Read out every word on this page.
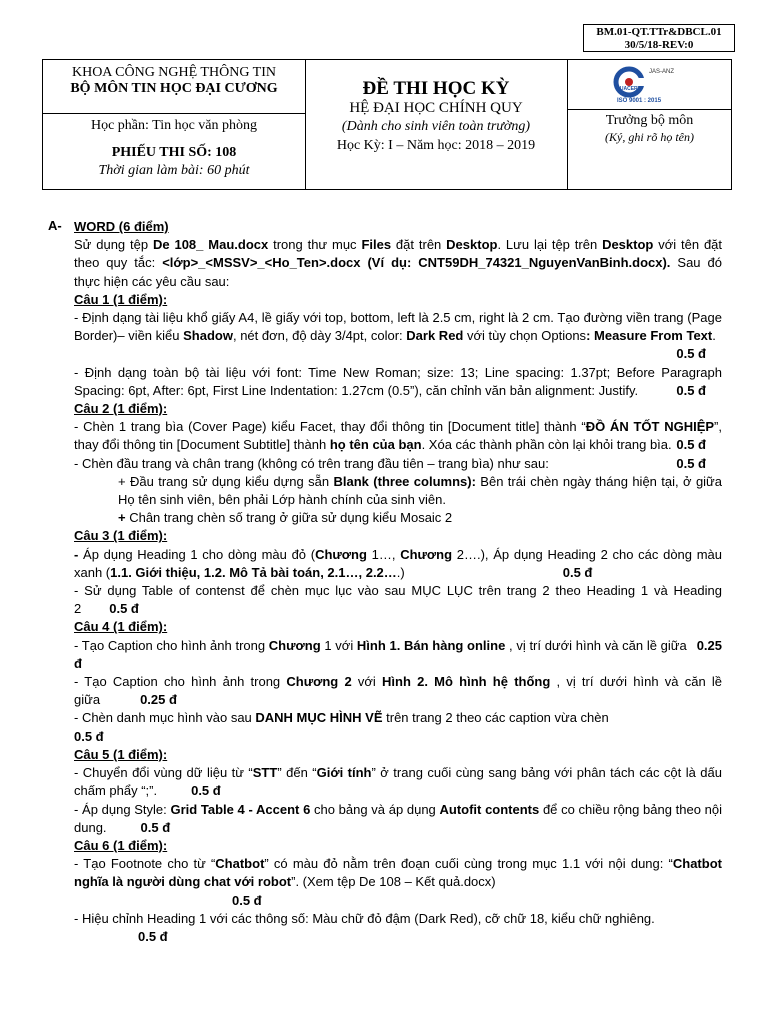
BM.01-QT.TTr&DBCL.01
30/5/18-REV:0
KHOA CÔNG NGHỆ THÔNG TIN
BỘ MÔN TIN HỌC ĐẠI CƯƠNG
Học phần: Tin học văn phòng
PHIẾU THI SỐ: 108
Thời gian làm bài: 60 phút
ĐỀ THI HỌC KỲ
HỆ ĐẠI HỌC CHÍNH QUY
(Dành cho sinh viên toàn trường)
Học Kỳ: I – Năm học: 2018 – 2019
JAS-ANZ
QUACERT
ISO 9001 : 2015
Trưởng bộ môn
(Ký, ghi rõ họ tên)
A- WORD (6 điểm)

Sử dụng tệp De 108_ Mau.docx trong thư mục Files đặt trên Desktop. Lưu lại tệp trên Desktop với tên đặt theo quy tắc: <lớp>_<MSSV>_<Ho_Ten>.docx (Ví dụ: CNT59DH_74321_NguyenVanBinh.docx). Sau đó thực hiện các yêu cầu sau:

Câu 1 (1 điểm):

- Định dạng tài liệu khổ giấy A4, lề giấy với top, bottom, left là 2.5 cm, right là 2 cm. Tạo đường viền trang (Page Border)– viền kiểu Shadow, nét đơn, độ dày 3/4pt, color: Dark Red với tùy chọn Options: Measure From Text.
0.5 đ

- Định dạng toàn bộ tài liệu với font: Time New Roman; size: 13; Line spacing: 1.37pt; Before Paragraph Spacing: 6pt, After: 6pt, First Line Indentation: 1.27cm (0.5”), căn chỉnh văn bản alignment: Justify.	0.5 đ

Câu 2 (1 điểm):

- Chèn 1 trang bìa (Cover Page) kiểu Facet, thay đổi thông tin [Document title] thành “ĐỒ ÁN TỐT NGHIỆP”, thay đổi thông tin [Document Subtitle] thành họ tên của bạn. Xóa các thành phần còn lại khỏi trang bìa. 0.5 đ

- Chèn đầu trang và chân trang (không có trên trang đầu tiên – trang bìa) như sau:	0.5 đ

+ Đầu trang sử dụng kiểu dựng sẵn Blank (three columns): Bên trái chèn ngày tháng hiện tại, ở giữa Họ tên sinh viên, bên phải Lớp hành chính của sinh viên.

+ Chân trang chèn số trang ở giữa sử dụng kiểu Mosaic 2

Câu 3 (1 điểm):

- Áp dụng Heading 1 cho dòng màu đỏ (Chương 1…, Chương 2….), Áp dụng Heading 2 cho các dòng màu xanh (1.1. Giới thiệu, 1.2. Mô Tả bài toán, 2.1…, 2.2….)	0.5 đ

- Sử dụng Table of contenst để chèn mục lục vào sau MỤC LỤC trên trang 2 theo Heading 1 và Heading 2 0.5 đ

Câu 4 (1 điểm):

- Tạo Caption cho hình ảnh trong Chương 1 với Hình 1. Bán hàng online , vị trí dưới hình và căn lề giữa 0.25 đ

- Tạo Caption cho hình ảnh trong Chương 2 với Hình 2. Mô hình hệ thống , vị trí dưới hình và căn lề giữa	0.25 đ

- Chèn danh mục hình vào sau DANH MỤC HÌNH VẼ trên trang 2 theo các caption vừa chèn
0.5 đ

Câu 5 (1 điểm):

- Chuyển đổi vùng dữ liệu từ “STT” đến “Giới tính” ở trang cuối cùng sang bảng với phân tách các cột là dấu chấm phẩy “;”.	0.5 đ

- Áp dụng Style: Grid Table 4 - Accent 6 cho bảng và áp dụng Autofit contents để co chiều rộng bảng theo nội dung.	0.5 đ

Câu 6 (1 điểm):

- Tạo Footnote cho từ “Chatbot” có màu đỏ nằm trên đoạn cuối cùng trong mục 1.1 với nội dung: “Chatbot nghĩa là người dùng chat với robot”. (Xem tệp De 108 – Kết quả.docx)
0.5 đ

- Hiệu chỉnh Heading 1 với các thông số: Màu chữ đỏ đậm (Dark Red), cỡ chữ 18, kiểu chữ nghiêng.
0.5 đ
